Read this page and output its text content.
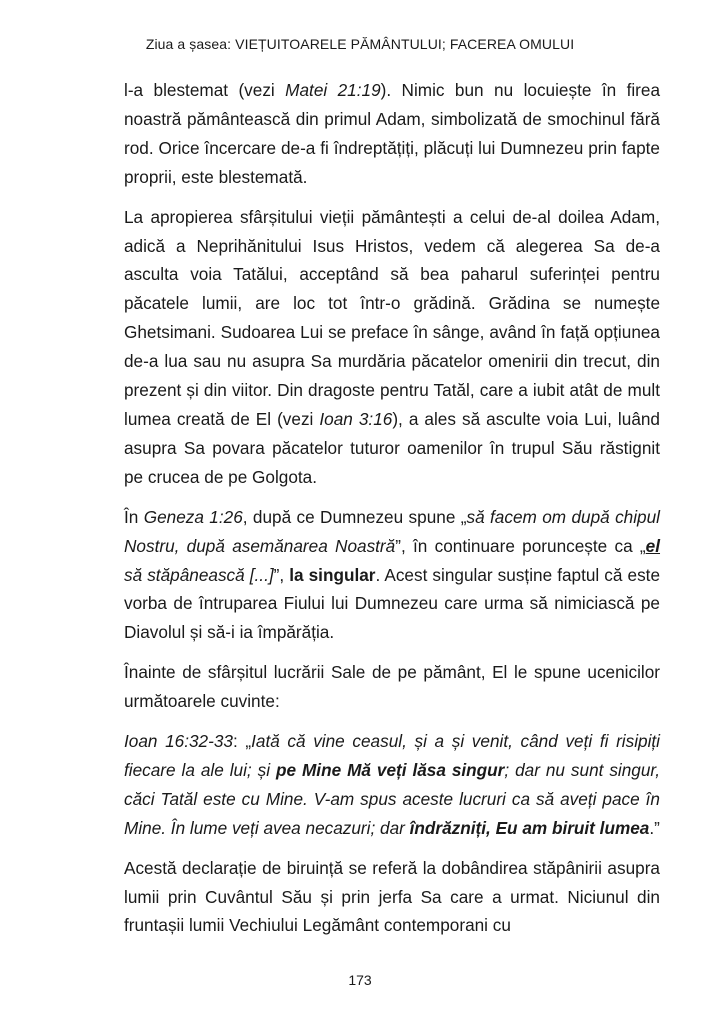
Ziua a șasea: VIEȚUITOARELE PĂMÂNTULUI; FACEREA OMULUI

l-a blestemat (vezi Matei 21:19). Nimic bun nu locuiește în firea noastră pământească din primul Adam, simbolizată de smochinul fără rod. Orice încercare de-a fi îndreptățiți, plăcuți lui Dumnezeu prin fapte proprii, este blestemată.

La apropierea sfârșitului vieții pământești a celui de-al doilea Adam, adică a Neprihănitului Isus Hristos, vedem că alegerea Sa de-a asculta voia Tatălui, acceptând să bea paharul suferinței pentru păcatele lumii, are loc tot într-o grădină. Grădina se numește Ghetsimani. Sudoarea Lui se preface în sânge, având în față opțiunea de-a lua sau nu asupra Sa murdăria păcatelor omenirii din trecut, din prezent și din viitor. Din dragoste pentru Tatăl, care a iubit atât de mult lumea creată de El (vezi Ioan 3:16), a ales să asculte voia Lui, luând asupra Sa povara păcatelor tuturor oamenilor în trupul Său răstignit pe crucea de pe Golgota.

În Geneza 1:26, după ce Dumnezeu spune „să facem om după chipul Nostru, după asemănarea Noastră”, în continuare poruncește ca „el să stăpânească [...]”, la singular. Acest singular susține faptul că este vorba de întruparea Fiului lui Dumnezeu care urma să nimiciască pe Diavolul și să-i ia împărăția.

Înainte de sfârșitul lucrării Sale de pe pământ, El le spune ucenicilor următoarele cuvinte:

Ioan 16:32-33: „Iată că vine ceasul, și a și venit, când veți fi risipiți fiecare la ale lui; și pe Mine Mă veți lăsa singur; dar nu sunt singur, căci Tatăl este cu Mine. V-am spus aceste lucruri ca să aveți pace în Mine. În lume veți avea necazuri; dar îndrăzniți, Eu am biruit lumea.”

Acestă declarație de biruință se referă la dobândirea stăpânirii asupra lumii prin Cuvântul Său și prin jerfa Sa care a urmat. Niciunul din fruntașii lumii Vechiului Legământ contemporani cu

173
